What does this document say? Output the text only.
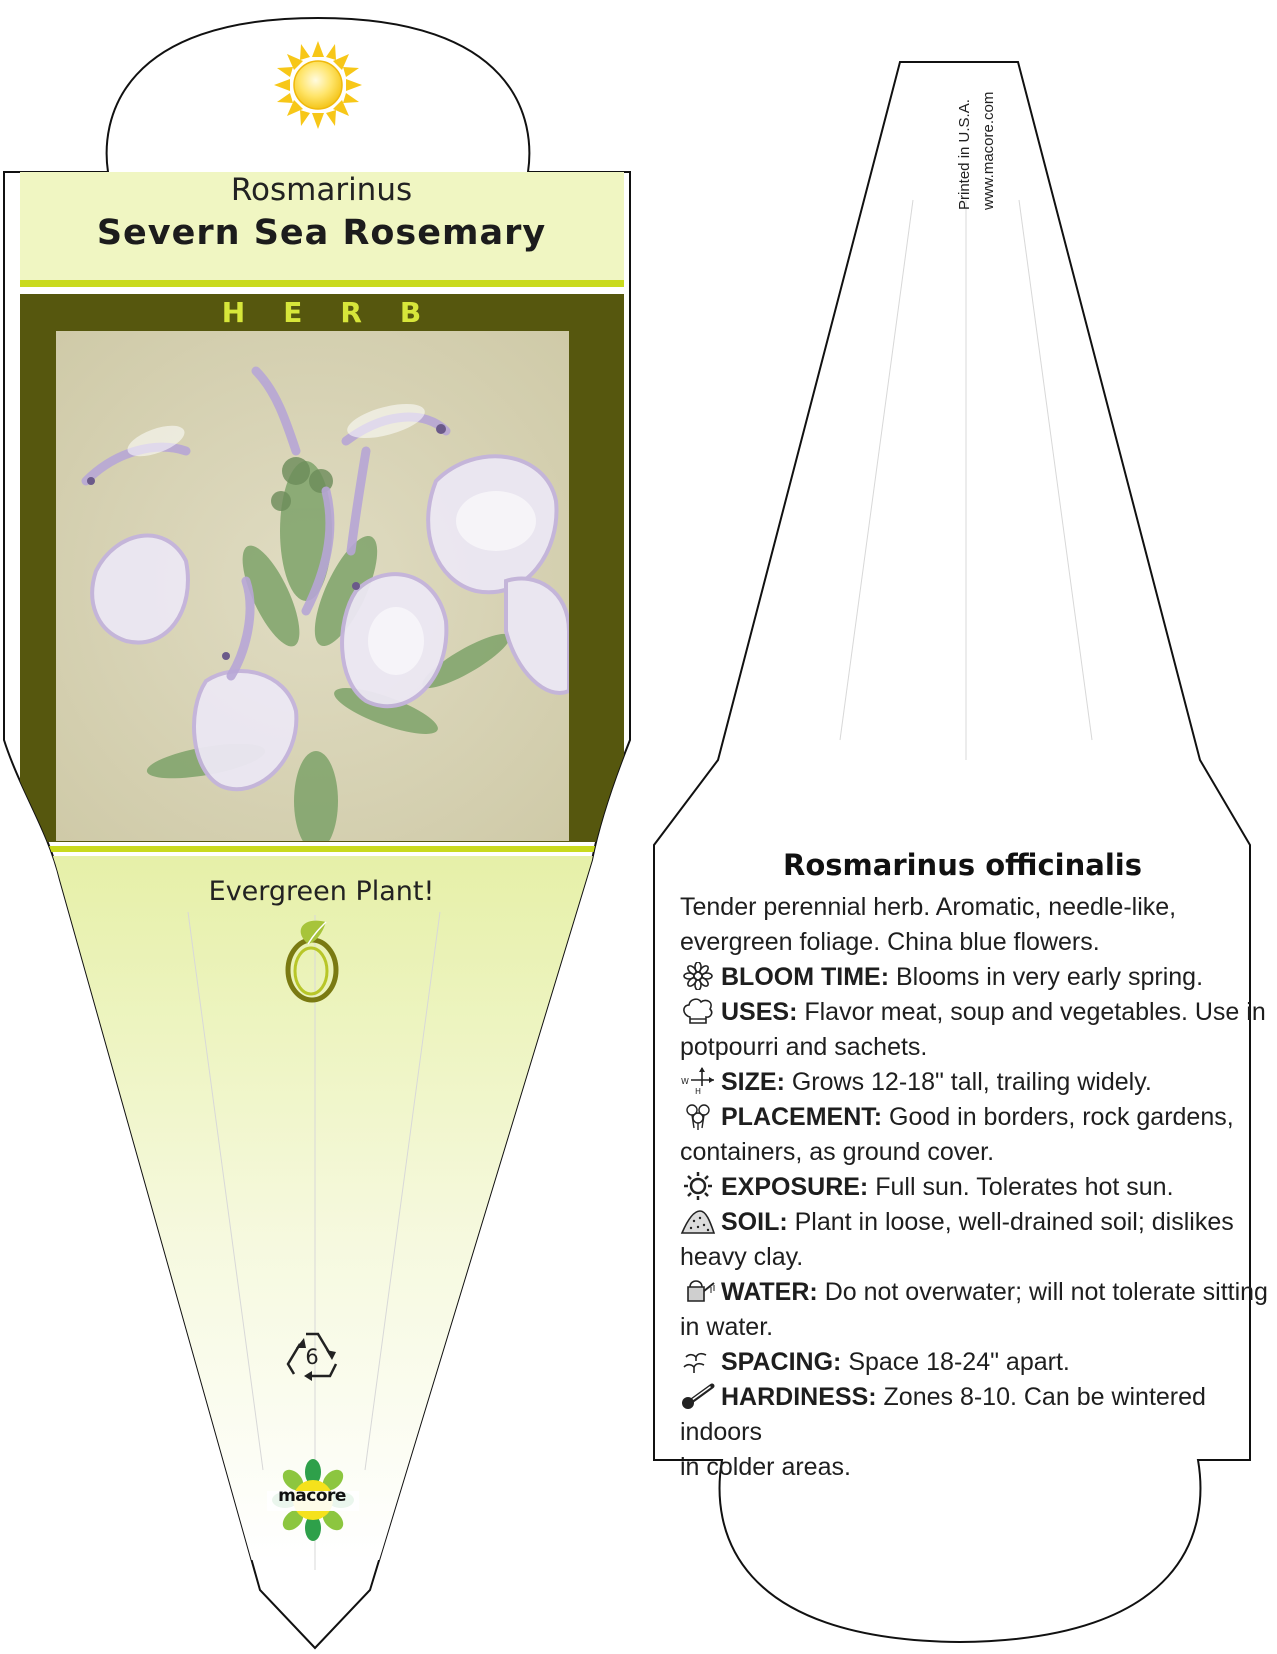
Rosmarinus
Severn Sea Rosemary
HERB
Evergreen Plant!
6
macore
Printed in U.S.A. www.macore.com
Rosmarinus officinalis

Tender perennial herb. Aromatic, needle-like,

evergreen foliage. China blue flowers.

BLOOM TIME: Blooms in very early spring.

USES: Flavor meat, soup and vegetables. Use in

potpourri and sachets.

W
H SIZE: Grows 12-18" tall, trailing widely.

PLACEMENT: Good in borders, rock gardens,

containers, as ground cover.

EXPOSURE: Full sun. Tolerates hot sun.

SOIL: Plant in loose, well-drained soil; dislikes

heavy clay.

WATER: Do not overwater; will not tolerate sitting

in water.

SPACING: Space 18-24" apart.

HARDINESS: Zones 8-10. Can be wintered indoors

in colder areas.
